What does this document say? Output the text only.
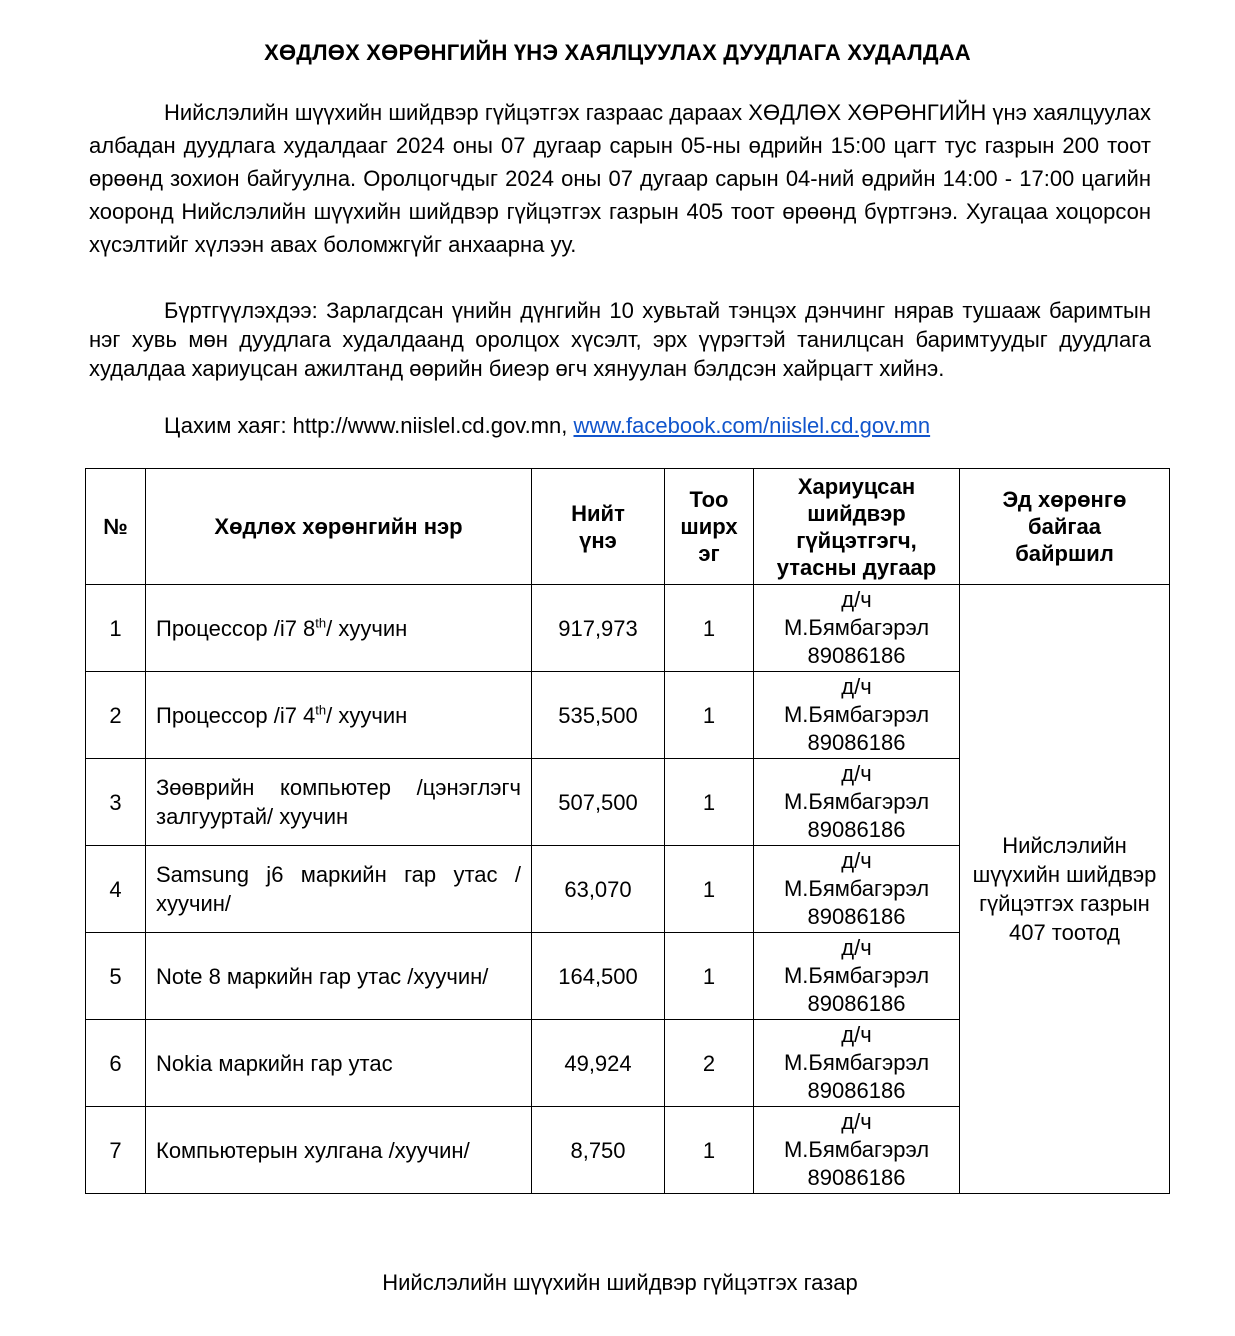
ХӨДЛӨХ ХӨРӨНГИЙН ҮНЭ ХАЯЛЦУУЛАХ ДУУДЛАГА ХУДАЛДАА
Нийслэлийн шүүхийн шийдвэр гүйцэтгэх газраас дараах ХӨДЛӨХ ХӨРӨНГИЙН үнэ хаялцуулах албадан дуудлага худалдааг 2024 оны 07 дугаар сарын 05-ны өдрийн 15:00 цагт тус газрын 200 тоот өрөөнд зохион байгуулна. Оролцогчдыг 2024 оны 07 дугаар сарын 04-ний өдрийн 14:00 - 17:00 цагийн хооронд Нийслэлийн шүүхийн шийдвэр гүйцэтгэх газрын 405 тоот өрөөнд бүртгэнэ. Хугацаа хоцорсон хүсэлтийг хүлээн авах боломжгүйг анхаарна уу.
Бүртгүүлэхдээ: Зарлагдсан үнийн дүнгийн 10 хувьтай тэнцэх дэнчинг нярав тушааж баримтын нэг хувь мөн дуудлага худалдаанд оролцох хүсэлт, эрх үүрэгтэй танилцсан баримтуудыг дуудлага худалдаа хариуцсан ажилтанд өөрийн биеэр өгч хянуулан бэлдсэн хайрцагт хийнэ.
Цахим хаяг: http://www.niislel.cd.gov.mn, www.facebook.com/niislel.cd.gov.mn
№	Хөдлөх хөрөнгийн нэр	Нийт үнэ	Тоо ширхэг	Хариуцсан шийдвэр гүйцэтгэгч, утасны дугаар	Эд хөрөнгө байгаа байршил

1	Процессор /i7 8th/ хуучин	917,973	1	д/ч
М.Бямбагэрэл
89086186	Нийслэлийн шүүхийн шийдвэр гүйцэтгэх газрын 407 тоотод
2	Процессор /i7 4th/ хуучин	535,500	1	д/ч
М.Бямбагэрэл
89086186	

3	Зөөврийн компьютер /цэнэглэгч залгууртай/ хуучин	507,500	1	д/ч
М.Бямбагэрэл
89086186	

4	Samsung j6 маркийн гар утас /хуучин/	63,070	1	д/ч
М.Бямбагэрэл
89086186	

5	Note 8 маркийн гар утас /хуучин/	164,500	1	д/ч
М.Бямбагэрэл
89086186	

6	Nokia маркийн гар утас	49,924	2	д/ч
М.Бямбагэрэл
89086186	

7	Компьютерын хулгана /хуучин/	8,750	1	д/ч
М.Бямбагэрэл
89086186	
Нийслэлийн шүүхийн шийдвэр гүйцэтгэх газар
